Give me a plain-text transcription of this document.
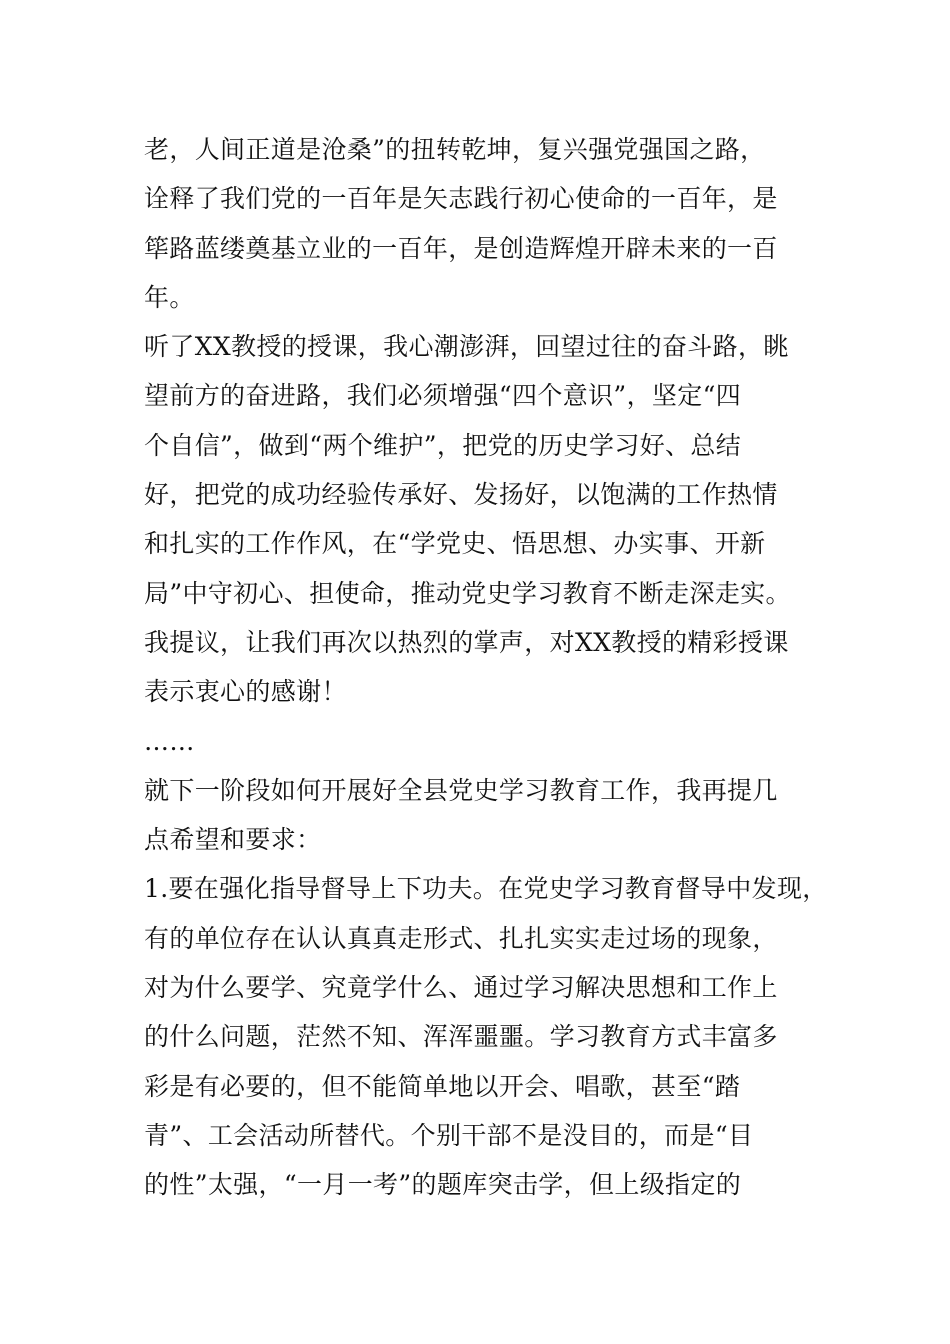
老，人间正道是沧桑”的扭转乾坤，复兴强党强国之路，
诠释了我们党的一百年是矢志践行初心使命的一百年，是
筚路蓝缕奠基立业的一百年，是创造辉煌开辟未来的一百
年。
听了XX教授的授课，我心潮澎湃，回望过往的奋斗路，眺
望前方的奋进路，我们必须增强“四个意识”，坚定“四
个自信”，做到“两个维护”，把党的历史学习好、总结
好，把党的成功经验传承好、发扬好，以饱满的工作热情
和扎实的工作作风，在“学党史、悟思想、办实事、开新
局”中守初心、担使命，推动党史学习教育不断走深走实。
我提议，让我们再次以热烈的掌声，对XX教授的精彩授课
表示衷心的感谢！
……
就下一阶段如何开展好全县党史学习教育工作，我再提几
点希望和要求：
1.要在强化指导督导上下功夫。在党史学习教育督导中发现，
有的单位存在认认真真走形式、扎扎实实走过场的现象，
对为什么要学、究竟学什么、通过学习解决思想和工作上
的什么问题，茫然不知、浑浑噩噩。学习教育方式丰富多
彩是有必要的，但不能简单地以开会、唱歌，甚至“踏
青”、工会活动所替代。个别干部不是没目的，而是“目
的性”太强，“一月一考”的题库突击学，但上级指定的
